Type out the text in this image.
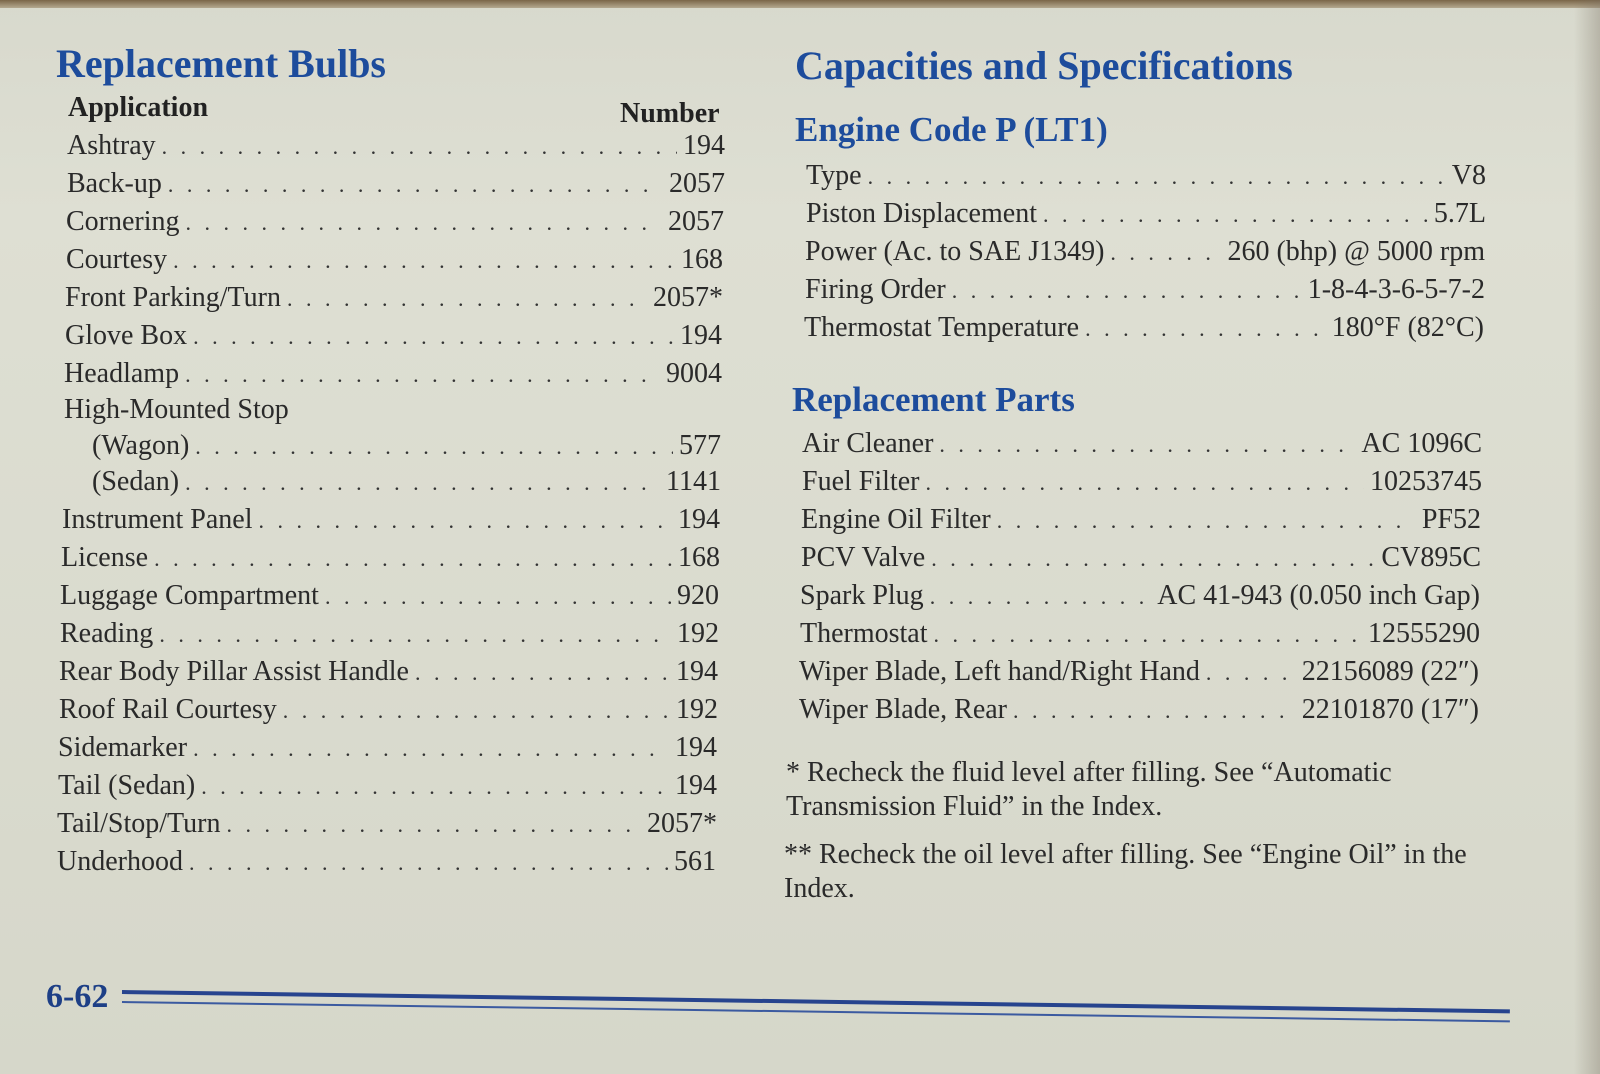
Replacement Bulbs
Application	Number
Ashtray . . .	194
Back-up . . .	2057
Cornering . . .	2057
Courtesy . . .	168
Front Parking/Turn . . .	2057*
Glove Box . . .	194
Headlamp . . .	9004
High-Mounted Stop
(Wagon) . . .	577
(Sedan) . . .	1141
Instrument Panel . . .	194
License . . .	168
Luggage Compartment . . .	920
Reading . . .	192
Rear Body Pillar Assist Handle . . .	194
Roof Rail Courtesy . . .	192
Sidemarker . . .	194
Tail (Sedan) . . .	194
Tail/Stop/Turn . . .	2057*
Underhood . . .	561
Capacities and Specifications
Engine Code P (LT1)
Type . . .	V8
Piston Displacement . . .	5.7L
Power (Ac. to SAE J1349) . . .	260 (bhp) @ 5000 rpm
Firing Order . . .	1-8-4-3-6-5-7-2
Thermostat Temperature . . .	180°F (82°C)
Replacement Parts
Air Cleaner . . .	AC 1096C
Fuel Filter . . .	10253745
Engine Oil Filter . . .	PF52
PCV Valve . . .	CV895C
Spark Plug . . .	AC 41-943 (0.050 inch Gap)
Thermostat . . .	12555290
Wiper Blade, Left hand/Right Hand . . .	22156089 (22″)
Wiper Blade, Rear . . .	22101870 (17″)
* Recheck the fluid level after filling. See “Automatic Transmission Fluid” in the Index.
** Recheck the oil level after filling. See “Engine Oil” in the Index.
6-62
